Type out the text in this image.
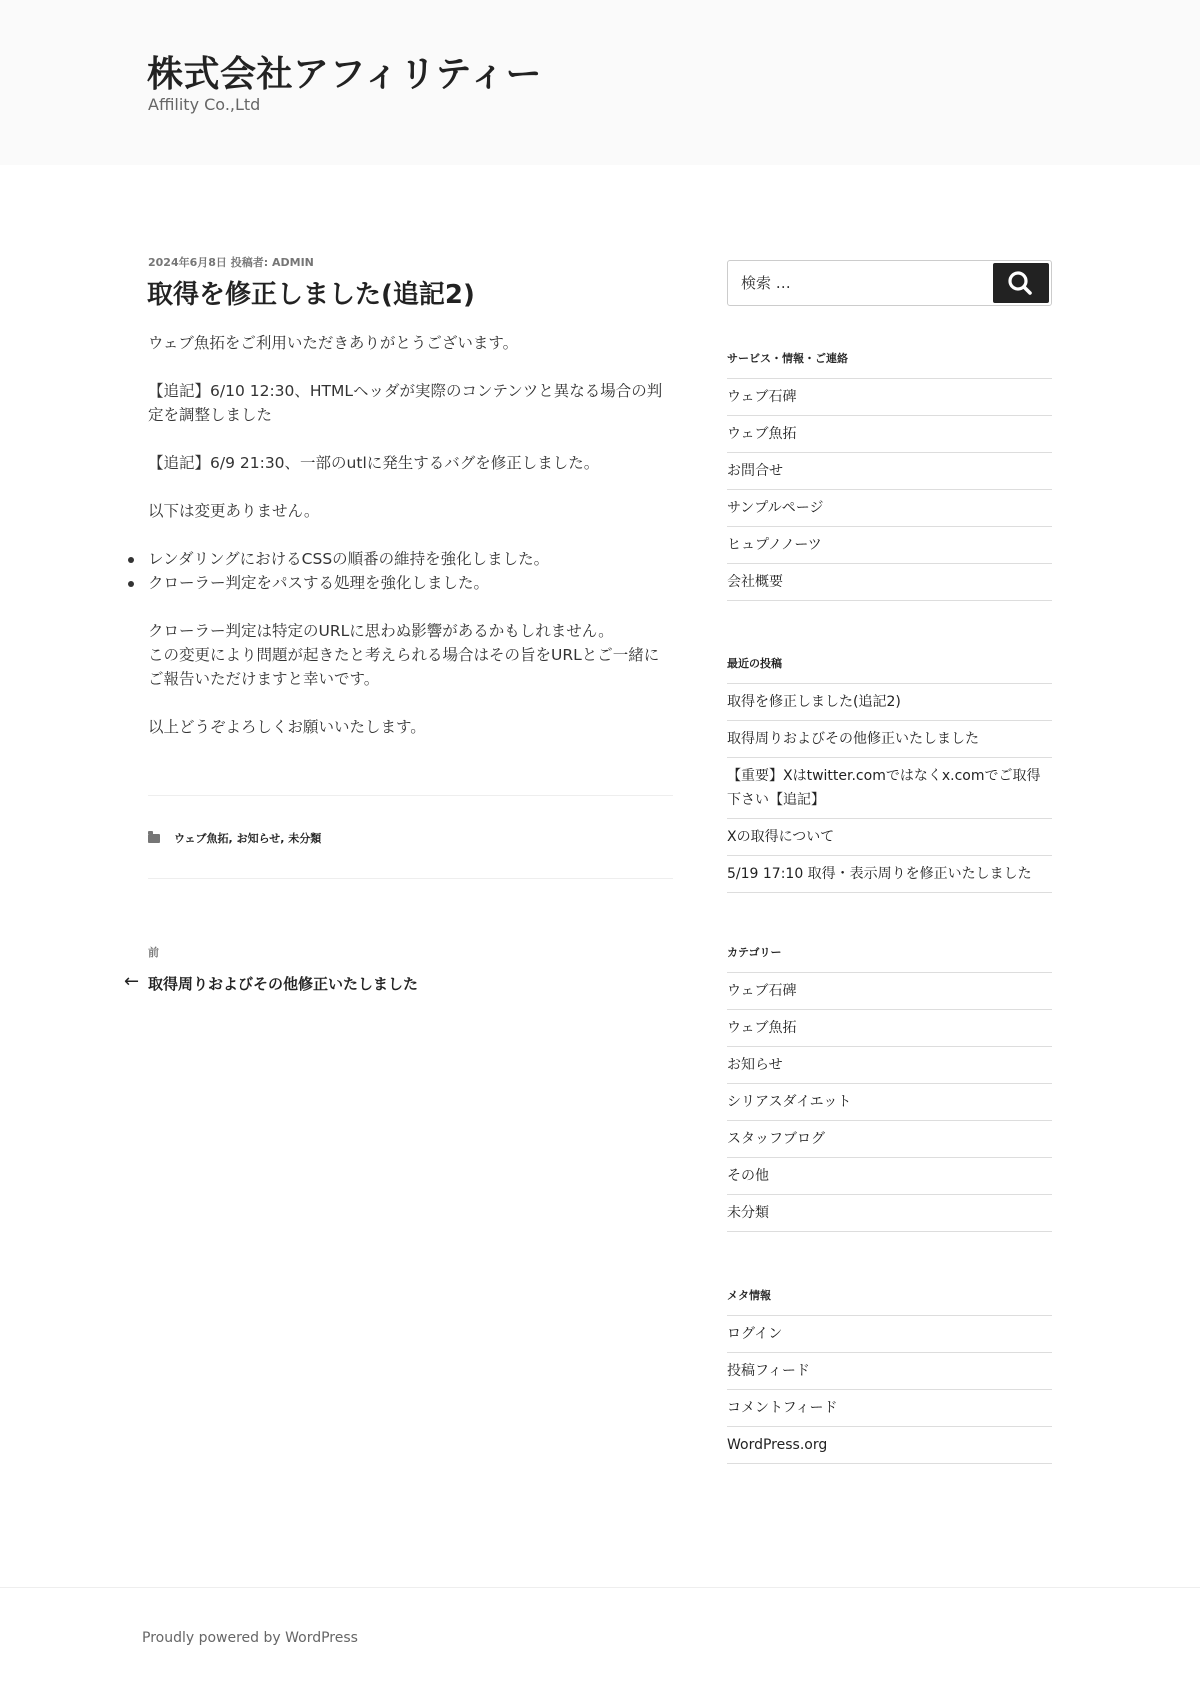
株式会社アフィリティー
Affility Co.,Ltd
2024年6月8日 投稿者: ADMIN
取得を修正しました(追記2)

ウェブ魚拓をご利用いただきありがとうございます。

【追記】6/10 12:30、HTMLヘッダが実際のコンテンツと異なる場合の判定を調整しました

【追記】6/9 21:30、一部のutlに発生するバグを修正しました。

以下は変更ありません。

レンダリングにおけるCSSの順番の維持を強化しました。
クローラー判定をパスする処理を強化しました。

クローラー判定は特定のURLに思わぬ影響があるかもしれません。
この変更により問題が起きたと考えられる場合はその旨をURLとご一緒にご報告いただけますと幸いです。

以上どうぞよろしくお願いいたします。

ウェブ魚拓, お知らせ, 未分類
前
← 取得周りおよびその他修正いたしました
検索 …
サービス・情報・ご連絡
ウェブ石碑
ウェブ魚拓
お問合せ
サンプルページ
ヒュプノノーツ
会社概要
最近の投稿
取得を修正しました(追記2)
取得周りおよびその他修正いたしました
【重要】Xはtwitter.comではなくx.comでご取得下さい【追記】
Xの取得について
5/19 17:10 取得・表示周りを修正いたしました
カテゴリー
ウェブ石碑
ウェブ魚拓
お知らせ
シリアスダイエット
スタッフブログ
その他
未分類
メタ情報
ログイン
投稿フィード
コメントフィード
WordPress.org
Proudly powered by WordPress
